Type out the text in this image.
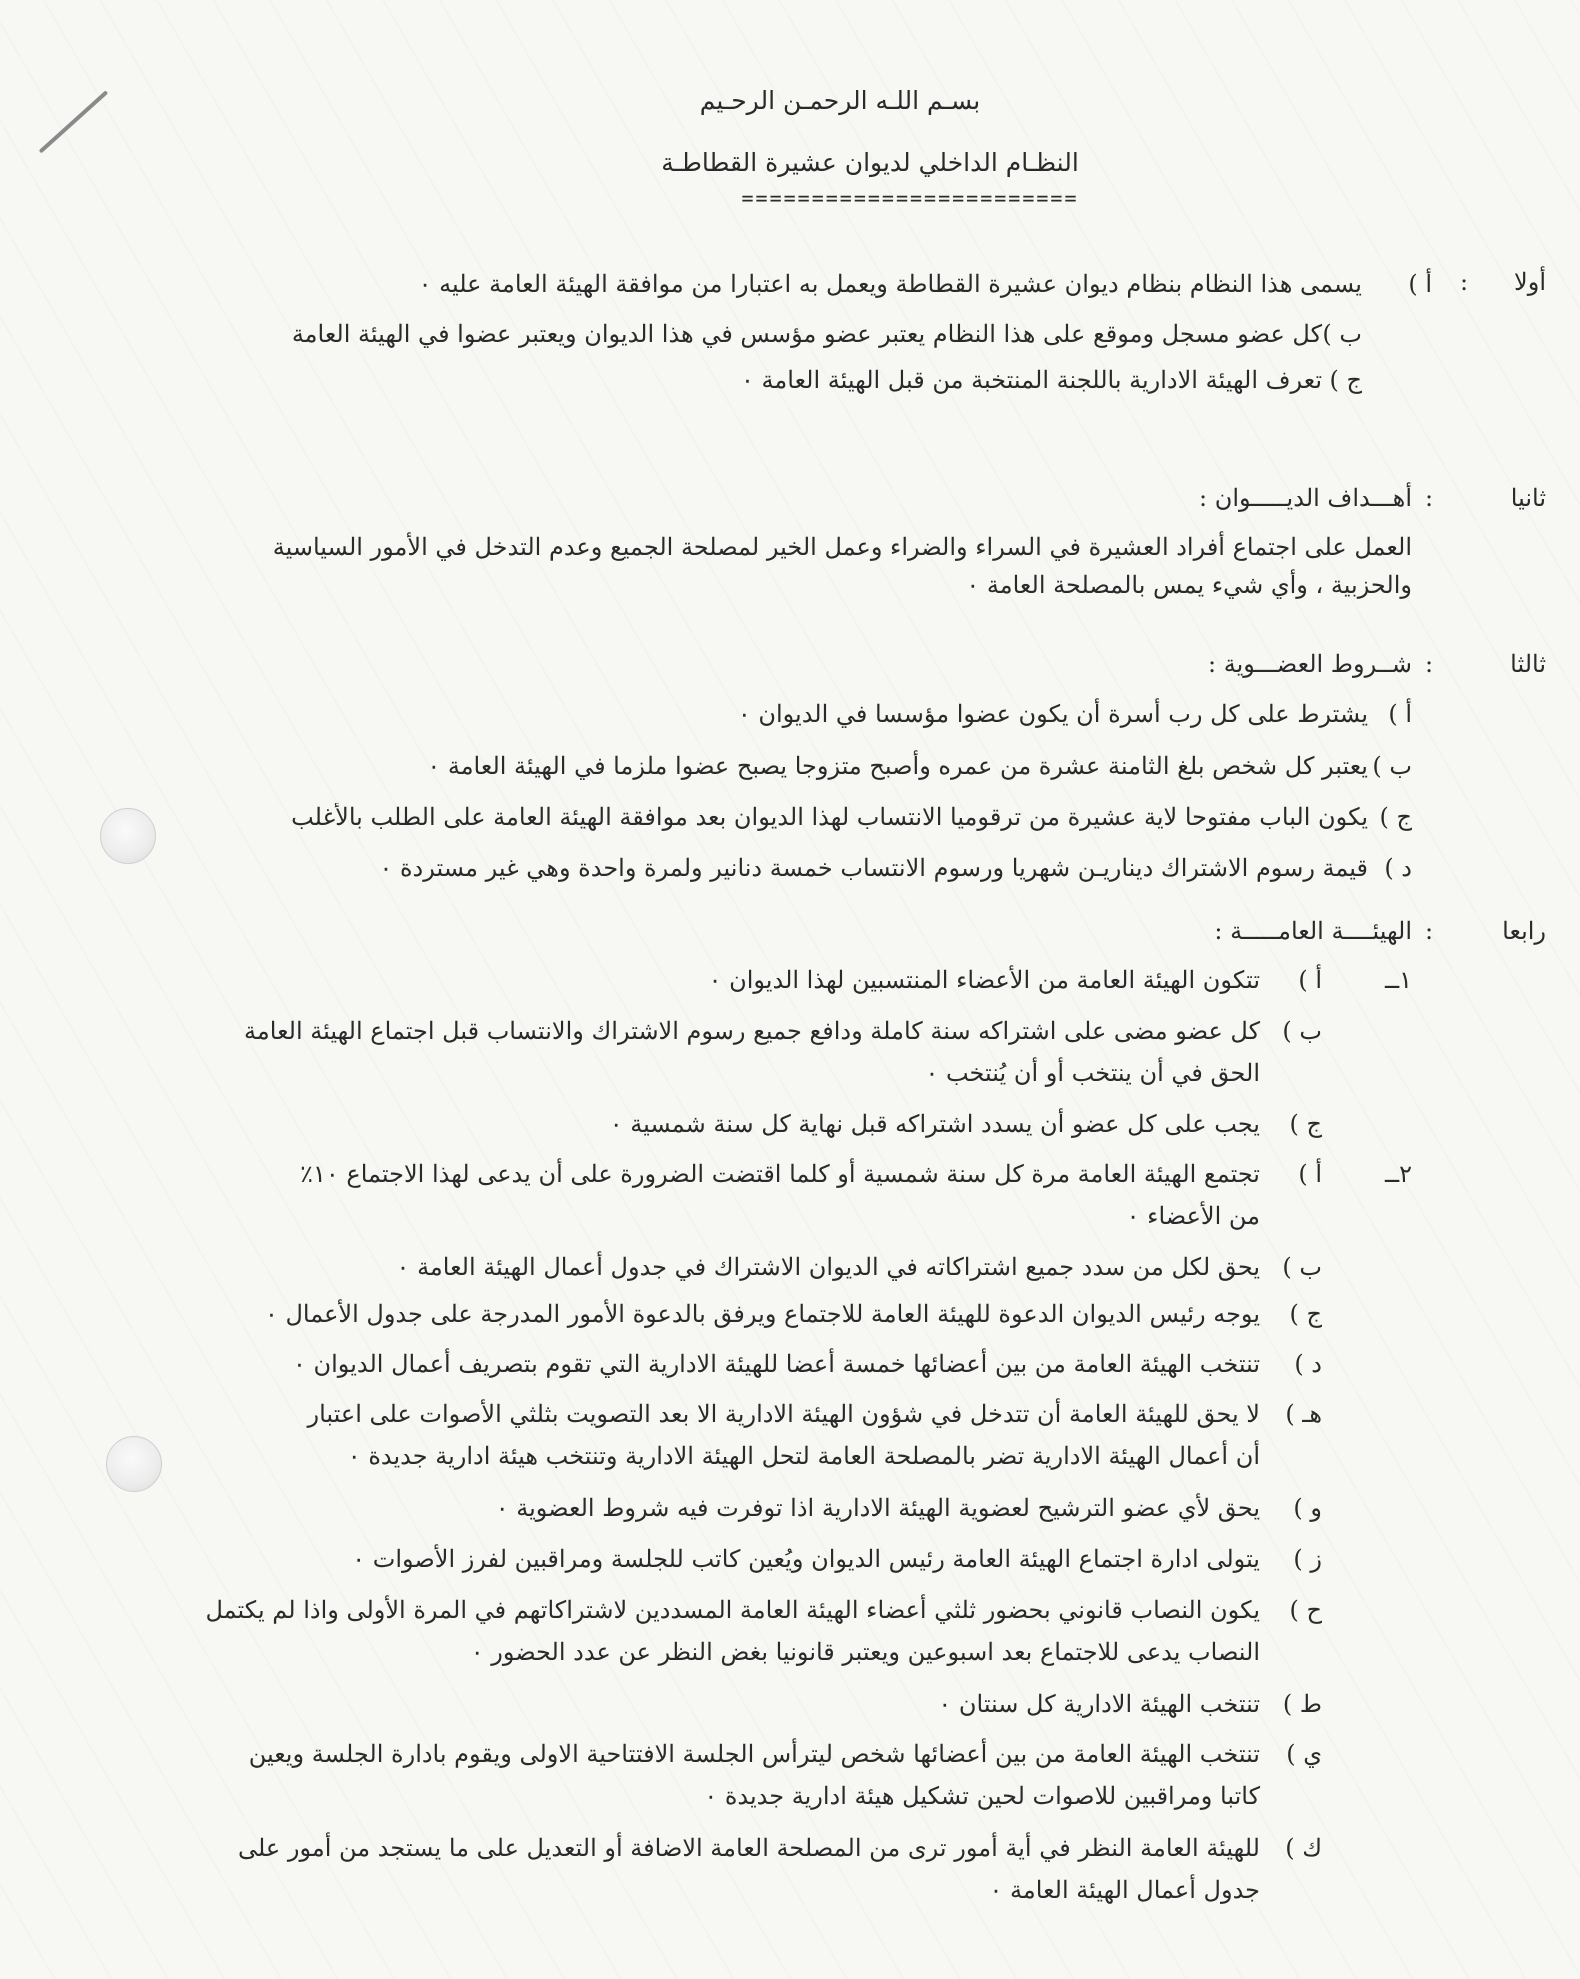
بسـم اللـه الرحمـن الرحـيم
النظـام الداخلي لديوان عشيرة القطاطـة
========================
أولا
:
أ )
يسمى هذا النظام بنظام ديوان عشيرة القطاطة ويعمل به اعتبارا من موافقة الهيئة العامة عليه ٠
ب )
كل عضو مسجل وموقع على هذا النظام يعتبر عضو مؤسس في هذا الديوان ويعتبر عضوا في الهيئة العامة
ج )
تعرف الهيئة الادارية باللجنة المنتخبة من قبل الهيئة العامة ٠
ثانيا
:
أهـــداف الديـــــوان :
العمل على اجتماع أفراد العشيرة في السراء والضراء وعمل الخير لمصلحة الجميع وعدم التدخل في الأمور السياسية والحزبية ، وأي شيء يمس بالمصلحة العامة ٠
ثالثا
:
شــروط العضـــوية :
أ )
يشترط على كل رب أسرة أن يكون عضوا مؤسسا في الديوان ٠
ب )
يعتبر كل شخص بلغ الثامنة عشرة من عمره وأصبح متزوجا يصبح عضوا ملزما في الهيئة العامة ٠
ج )
يكون الباب مفتوحا لاية عشيرة من ترقوميا الانتساب لهذا الديوان بعد موافقة الهيئة العامة على الطلب بالأغلب
د )
قيمة رسوم الاشتراك ديناريـن شهريا ورسوم الانتساب خمسة دنانير ولمرة واحدة وهي غير مستردة ٠
رابعا
:
الهيئــــة العامـــــة :
١ــ
أ )
تتكون الهيئة العامة من الأعضاء المنتسبين لهذا الديوان ٠
ب )
كل عضو مضى على اشتراكه سنة كاملة ودافع جميع رسوم الاشتراك والانتساب قبل اجتماع الهيئة العامة
الحق في أن ينتخب أو أن يُنتخب ٠
ج )
يجب على كل عضو أن يسدد اشتراكه قبل نهاية كل سنة شمسية ٠
٢ــ
أ )
تجتمع الهيئة العامة مرة كل سنة شمسية أو كلما اقتضت الضرورة على أن يدعى لهذا الاجتماع ١٠٪
من الأعضاء ٠
ب )
يحق لكل من سدد جميع اشتراكاته في الديوان الاشتراك في جدول أعمال الهيئة العامة ٠
ج )
يوجه رئيس الديوان الدعوة للهيئة العامة للاجتماع ويرفق بالدعوة الأمور المدرجة على جدول الأعمال ٠
د )
تنتخب الهيئة العامة من بين أعضائها خمسة أعضا للهيئة الادارية التي تقوم بتصريف أعمال الديوان ٠
هـ )
لا يحق للهيئة العامة أن تتدخل في شؤون الهيئة الادارية الا بعد التصويت بثلثي الأصوات على اعتبار
أن أعمال الهيئة الادارية تضر بالمصلحة العامة لتحل الهيئة الادارية وتنتخب هيئة ادارية جديدة ٠
و )
يحق لأي عضو الترشيح لعضوية الهيئة الادارية اذا توفرت فيه شروط العضوية ٠
ز )
يتولى ادارة اجتماع الهيئة العامة رئيس الديوان ويُعين كاتب للجلسة ومراقبين لفرز الأصوات ٠
ح )
يكون النصاب قانوني بحضور ثلثي أعضاء الهيئة العامة المسددين لاشتراكاتهم في المرة الأولى واذا لم يكتمل
النصاب يدعى للاجتماع بعد اسبوعين ويعتبر قانونيا بغض النظر عن عدد الحضور ٠
ط )
تنتخب الهيئة الادارية كل سنتان ٠
ي )
تنتخب الهيئة العامة من بين أعضائها شخص ليترأس الجلسة الافتتاحية الاولى ويقوم بادارة الجلسة ويعين
كاتبا ومراقبين للاصوات لحين تشكيل هيئة ادارية جديدة ٠
ك )
للهيئة العامة النظر في أية أمور ترى من المصلحة العامة الاضافة أو التعديل على ما يستجد من أمور على
جدول أعمال الهيئة العامة ٠
